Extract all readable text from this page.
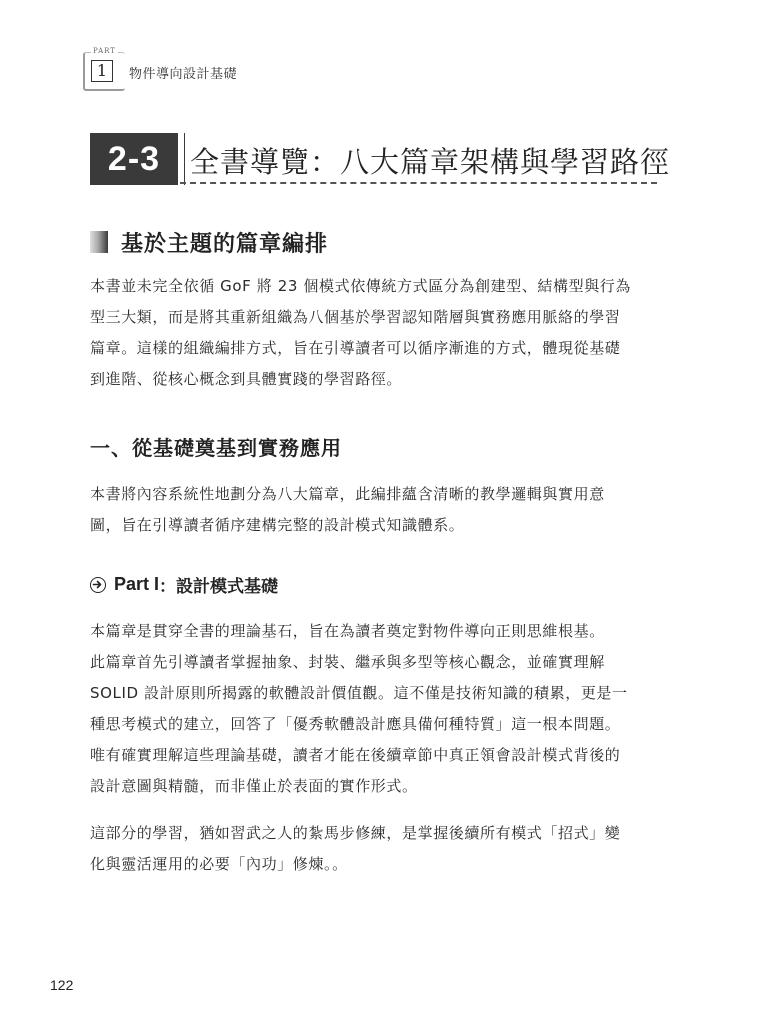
PART
1	物件導向設計基礎
2-3	全書導覽：八大篇章架構與學習路徑
基於主題的篇章編排
本書並未完全依循 GoF 將 23 個模式依傳統方式區分為創建型、結構型與行為
型三大類，而是將其重新組織為八個基於學習認知階層與實務應用脈絡的學習
篇章。這樣的組織編排方式，旨在引導讀者可以循序漸進的方式，體現從基礎
到進階、從核心概念到具體實踐的學習路徑。
一、從基礎奠基到實務應用
本書將內容系統性地劃分為八大篇章，此編排蘊含清晰的教學邏輯與實用意
圖，旨在引導讀者循序建構完整的設計模式知識體系。
Part I ：設計模式基礎
本篇章是貫穿全書的理論基石，旨在為讀者奠定對物件導向正則思維根基。
此篇章首先引導讀者掌握抽象、封裝、繼承與多型等核心觀念，並確實理解
SOLID 設計原則所揭露的軟體設計價值觀。這不僅是技術知識的積累，更是一
種思考模式的建立，回答了「優秀軟體設計應具備何種特質」這一根本問題。
唯有確實理解這些理論基礎，讀者才能在後續章節中真正領會設計模式背後的
設計意圖與精髓，而非僅止於表面的實作形式。
這部分的學習，猶如習武之人的紮馬步修練，是掌握後續所有模式「招式」變
化與靈活運用的必要「內功」修煉。。
122
